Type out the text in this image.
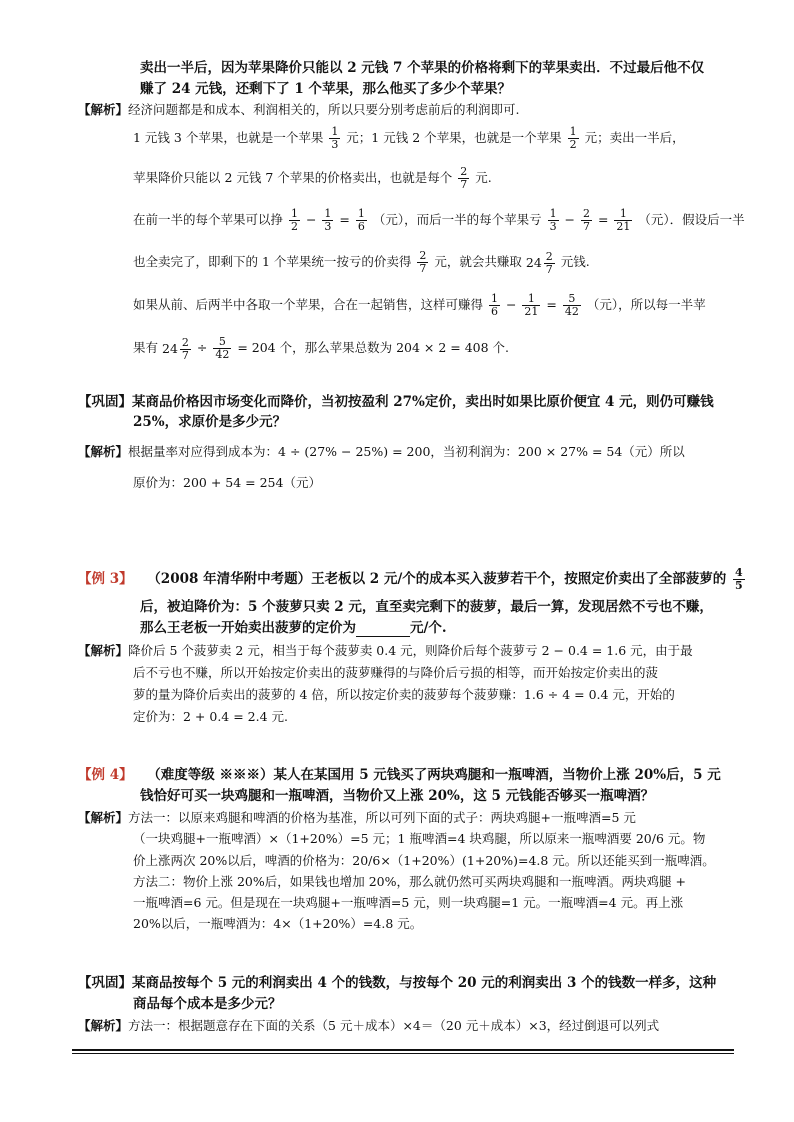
卖出一半后，因为苹果降价只能以 2 元钱 7 个苹果的价格将剩下的苹果卖出．不过最后他不仅
赚了 24 元钱，还剩下了 1 个苹果，那么他买了多少个苹果？
【解析】经济问题都是和成本、利润相关的，所以只要分别考虑前后的利润即可.
1 元钱 3 个苹果，也就是一个苹果 $\frac{1}{3}$ 元；1 元钱 2 个苹果，也就是一个苹果 $\frac{1}{2}$ 元；卖出一半后，
苹果降价只能以 2 元钱 7 个苹果的价格卖出，也就是每个 $\frac{2}{7}$ 元.
在前一半的每个苹果可以挣 $\frac{1}{2} - \frac{1}{3} = \frac{1}{6}$ （元），而后一半的每个苹果亏 $\frac{1}{3} - \frac{2}{7} = \frac{1}{21}$ （元）．假设后一半
也全卖完了，即剩下的 1 个苹果统一按亏的价卖得 $\frac{2}{7}$ 元，就会共赚取 $24 \frac{2}{7}$ 元钱.
如果从前、后两半中各取一个苹果，合在一起销售，这样可赚得 $\frac{1}{6} - \frac{1}{21} = \frac{5}{42}$ （元），所以每一半苹
果有 $24 \frac{2}{7} \div \frac{5}{42} = 204$ 个，那么苹果总数为 204 × 2 = 408 个.
【巩固】某商品价格因市场变化而降价，当初按盈利 27%定价，卖出时如果比原价便宜 4 元，则仍可赚钱
25%，求原价是多少元？
【解析】根据量率对应得到成本为：4 ÷ (27% − 25%) = 200，当初利润为：200 × 27% = 54（元）所以
原价为：200 + 54 = 254（元）
【例 3】 （2008 年清华附中考题）王老板以 2 元/个的成本买入菠萝若干个，按照定价卖出了全部菠萝的 $\frac{4}{5}$
后，被迫降价为：5 个菠萝只卖 2 元，直至卖完剩下的菠萝，最后一算，发现居然不亏也不赚，
那么王老板一开始卖出菠萝的定价为	元/个.
【解析】降价后 5 个菠萝卖 2 元，相当于每个菠萝卖 0.4 元，则降价后每个菠萝亏 2 − 0.4 = 1.6 元，由于最
后不亏也不赚，所以开始按定价卖出的菠萝赚得的与降价后亏损的相等，而开始按定价卖出的菠
萝的量为降价后卖出的菠萝的 4 倍，所以按定价卖的菠萝每个菠萝赚：1.6 ÷ 4 = 0.4 元，开始的
定价为：2 + 0.4 = 2.4 元.
【例 4】 （难度等级 ※※※）某人在某国用 5 元钱买了两块鸡腿和一瓶啤酒，当物价上涨 20%后，5 元
钱恰好可买一块鸡腿和一瓶啤酒，当物价又上涨 20%，这 5 元钱能否够买一瓶啤酒？
【解析】方法一：以原来鸡腿和啤酒的价格为基准，所以可列下面的式子：两块鸡腿+一瓶啤酒=5 元
（一块鸡腿+一瓶啤酒）×（1+20%）=5 元；1 瓶啤酒=4 块鸡腿，所以原来一瓶啤酒要 20/6 元。物
价上涨两次 20%以后，啤酒的价格为：20/6×（1+20%）(1+20%)=4.8 元。所以还能买到一瓶啤酒。
方法二：物价上涨 20%后，如果钱也增加 20%，那么就仍然可买两块鸡腿和一瓶啤酒。两块鸡腿 +
一瓶啤酒=6 元。但是现在一块鸡腿+一瓶啤酒=5 元，则一块鸡腿=1 元。一瓶啤酒=4 元。再上涨
20%以后，一瓶啤酒为：4×（1+20%）=4.8 元。
【巩固】某商品按每个 5 元的利润卖出 4 个的钱数，与按每个 20 元的利润卖出 3 个的钱数一样多，这种
商品每个成本是多少元？
【解析】方法一：根据题意存在下面的关系（5 元＋成本）×4＝（20 元＋成本）×3，经过倒退可以列式
